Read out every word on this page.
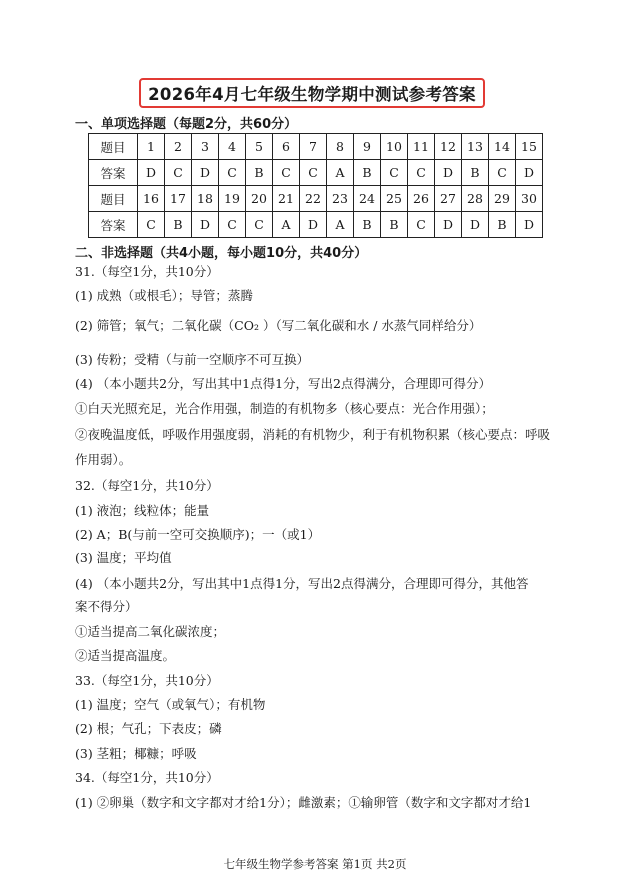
2026年4月七年级生物学期中测试参考答案
一、单项选择题（每题2分，共60分）
题目	1	2	3	4	5	6	7	8	9	10	11	12	13	14	15
答案	D	C	D	C	B	C	C	A	B	C	C	D	B	C	D
题目	16	17	18	19	20	21	22	23	24	25	26	27	28	29	30
答案	C	B	D	C	C	A	D	A	B	B	C	D	D	B	D
二、非选择题（共4小题，每小题10分，共40分）
31.（每空1分，共10分）
(1) 成熟（或根毛）；导管；蒸腾
(2) 筛管；氧气；二氧化碳（CO₂ ）（写二氧化碳和水 / 水蒸气同样给分）
(3) 传粉；受精（与前一空顺序不可互换）
(4) （本小题共2分，写出其中1点得1分，写出2点得满分，合理即可得分）
①白天光照充足，光合作用强，制造的有机物多（核心要点：光合作用强）；
②夜晚温度低，呼吸作用强度弱，消耗的有机物少，利于有机物积累（核心要点：呼吸
作用弱）。
32.（每空1分，共10分）
(1) 液泡；线粒体；能量
(2) A；B(与前一空可交换顺序)；一（或1）
(3) 温度；平均值
(4) （本小题共2分，写出其中1点得1分，写出2点得满分，合理即可得分，其他答
案不得分）
①适当提高二氧化碳浓度；
②适当提高温度。
33.（每空1分，共10分）
(1) 温度；空气（或氧气）；有机物
(2) 根；气孔；下表皮；磷
(3) 茎粗；椰糠；呼吸
34.（每空1分，共10分）
(1) ②卵巢（数字和文字都对才给1分）；雌激素；①输卵管（数字和文字都对才给1
七年级生物学参考答案 第1页 共2页
